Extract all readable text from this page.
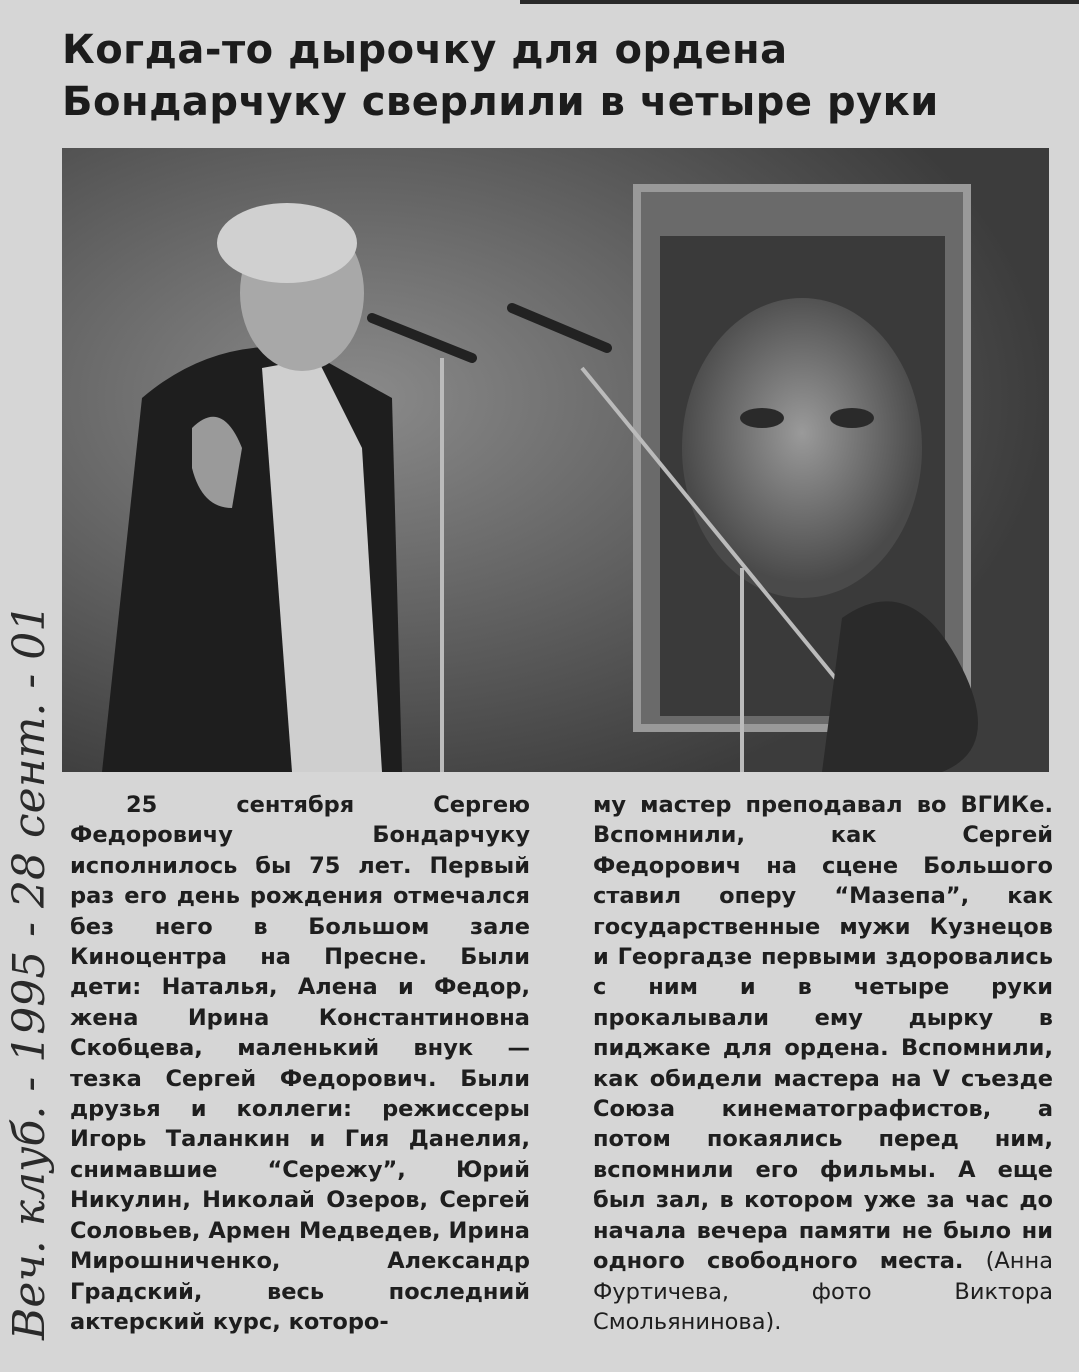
Когда-то дырочку для ордена
Бондарчуку сверлили в четыре руки
Веч. клуб. - 1995 - 28 сент. - 01	25 сентября Сергею Федоровичу Бондарчуку исполнилось бы 75 лет. Первый раз его день рождения отмечался без него в Большом зале Киноцентра на Пресне. Были дети: Наталья, Алена и Федор, жена Ирина Константиновна Скобцева, маленький внук — тезка Сергей Федорович. Были друзья и коллеги: режиссеры Игорь Таланкин и Гия Данелия, снимавшие “Сережу”, Юрий Никулин, Николай Озеров, Сергей Соловьев, Армен Медведев, Ирина Мирошниченко, Александр Градский, весь последний актерский курс, которо-

му мастер преподавал во ВГИКе. Вспомнили, как Сергей Федорович на сцене Большого ставил оперу “Мазепа”, как государственные мужи Кузнецов и Георгадзе первыми здоровались с ним и в четыре руки прокалывали ему дырку в пиджаке для ордена. Вспомнили, как обидели мастера на V съезде Союза кинематографистов, а потом покаялись перед ним, вспомнили его фильмы. А еще был зал, в котором уже за час до начала вечера памяти не было ни одного свободного места. (Анна Фуртичева, фото Виктора Смольянинова).
